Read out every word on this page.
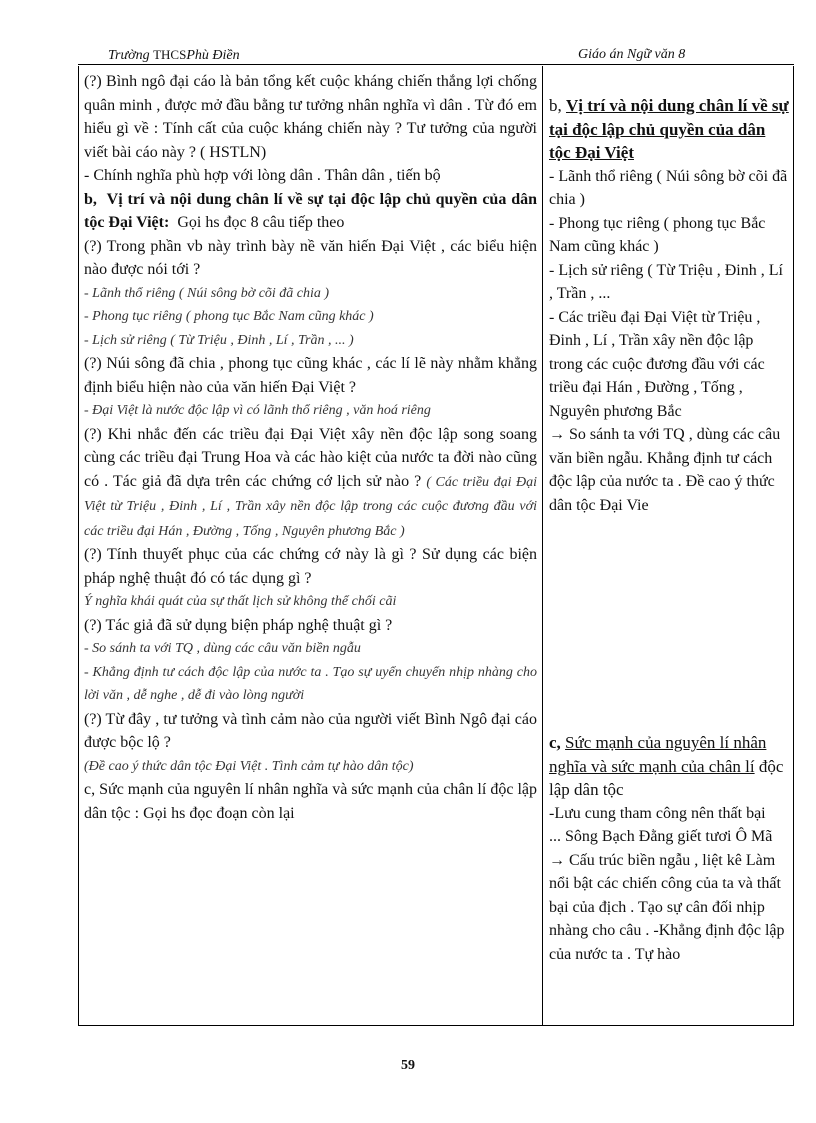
Trường THCSPhù Điền	Giáo án Ngữ văn 8

(?) Bình ngô đại cáo là bản tổng kết cuộc kháng chiến thắng lợi chống quân minh , được mở đầu bằng tư tưởng nhân nghĩa vì dân . Từ đó em hiểu gì về : Tính cất của cuộc kháng chiến này ? Tư tưởng của người viết bài cáo này ? ( HSTLN)

- Chính nghĩa phù hợp với lòng dân . Thân dân , tiến bộ

b, Vị trí và nội dung chân lí về sự tại độc lập chủ quyền của dân tộc Đại Việt: Gọi hs đọc 8 câu tiếp theo

(?) Trong phần vb này trình bày nề văn hiến Đại Việt , các biểu hiện nào được nói tới ?

- Lãnh thổ riêng ( Núi sông bờ cõi đã chia )

- Phong tục riêng ( phong tục Bắc Nam cũng khác )

- Lịch sử riêng ( Từ Triệu , Đinh , Lí , Trần , ... )

(?) Núi sông đã chia , phong tục cũng khác , các lí lẽ này nhằm khẳng định biểu hiện nào của văn hiến Đại Việt ?

- Đại Việt là nước độc lập vì có lãnh thổ riêng , văn hoá riêng

(?) Khi nhắc đến các triều đại Đại Việt xây nền độc lập song soang cùng các triều đại Trung Hoa và các hào kiệt của nước ta đời nào cũng có . Tác giả đã dựa trên các chứng cớ lịch sử nào ? ( Các triều đại Đại Việt từ Triệu , Đinh , Lí , Trần xây nền độc lập trong các cuộc đương đầu với các triều đại Hán , Đường , Tống , Nguyên phương Bắc )

(?) Tính thuyết phục của các chứng cớ này là gì ? Sử dụng các biện pháp nghệ thuật đó có tác dụng gì ?

Ý nghĩa khái quát của sự thất lịch sử không thể chối cãi

(?) Tác giả đã sử dụng biện pháp nghệ thuật gì ?

- So sánh ta với TQ , dùng các câu văn biền ngẫu

- Khẳng định tư cách độc lập của nước ta . Tạo sự uyển chuyển nhịp nhàng cho lời văn , dễ nghe , dễ đi vào lòng người

(?) Từ đây , tư tưởng và tình cảm nào của người viết Bình Ngô đại cáo được bộc lộ ?

(Đề cao ý thức dân tộc Đại Việt . Tình cảm tự hào dân tộc)

c, Sức mạnh của nguyên lí nhân nghĩa và sức mạnh của chân lí độc lập dân tộc : Gọi hs đọc đoạn còn lại

b, Vị trí và nội dung chân lí về sự tại độc lập chủ quyền của dân tộc Đại Việt

- Lãnh thổ riêng ( Núi sông bờ cõi đã chia )

- Phong tục riêng ( phong tục Bắc Nam cũng khác )

- Lịch sử riêng ( Từ Triệu , Đinh , Lí , Trần , ...

- Các triều đại Đại Việt từ Triệu , Đinh , Lí , Trần xây nền độc lập trong các cuộc đương đầu với các triều đại Hán , Đường , Tống , Nguyên phương Bắc

→ So sánh ta với TQ , dùng các câu văn biền ngẫu. Khẳng định tư cách độc lập của nước ta . Đề cao ý thức dân tộc Đại Vie

c, Sức mạnh của nguyên lí nhân nghĩa và sức mạnh của chân lí độc lập dân tộc

-Lưu cung tham công nên thất bại

... Sông Bạch Đằng giết tươi Ô Mã

→ Cấu trúc biền ngẫu , liệt kê Làm nổi bật các chiến công của ta và thất bại của địch . Tạo sự cân đối nhịp nhàng cho câu . -Khẳng định độc lập của nước ta . Tự hào

59
